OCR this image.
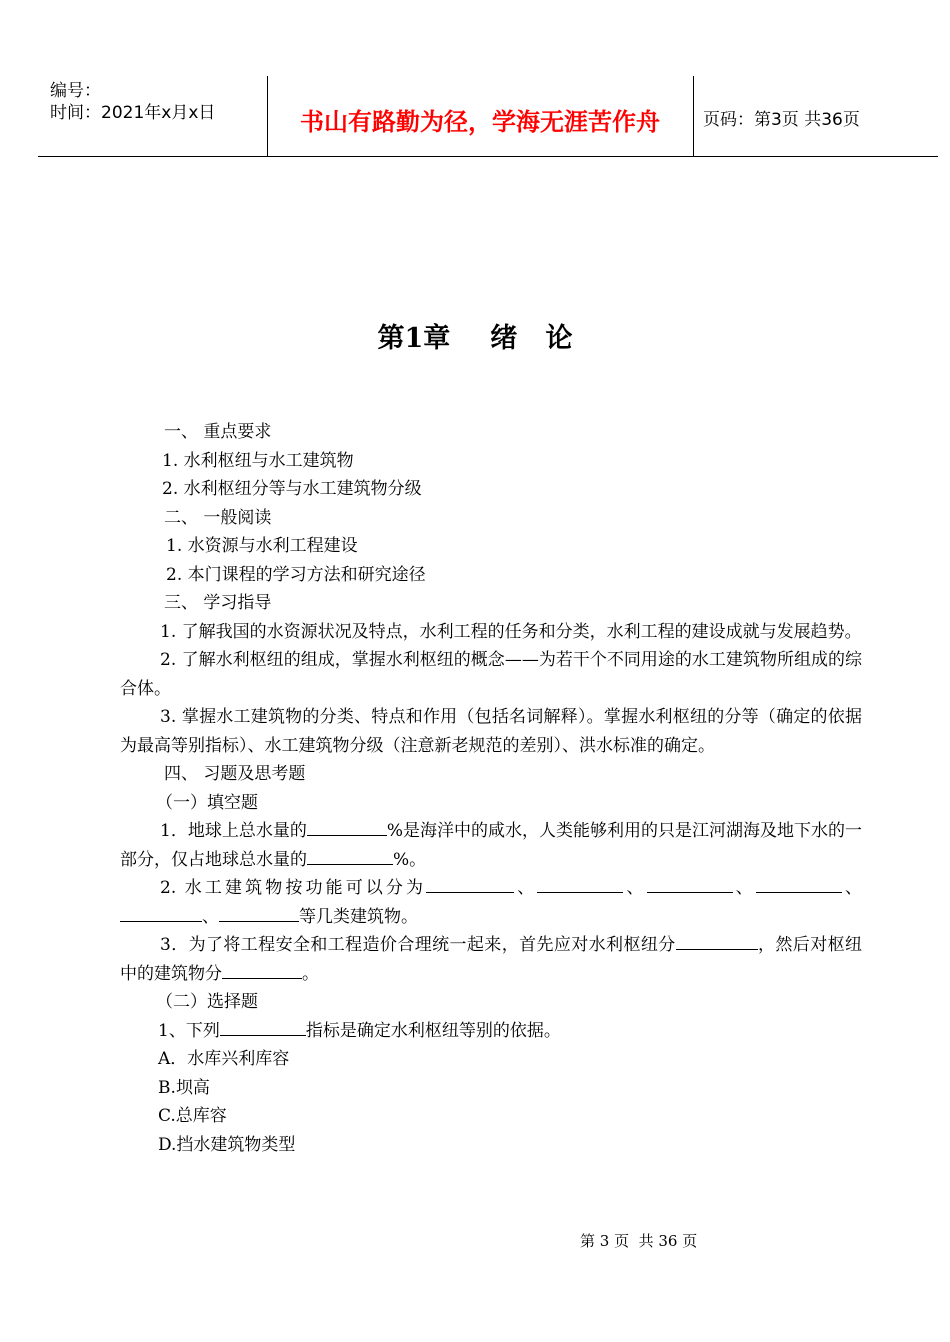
编号：
时间：2021年x月x日	书山有路勤为径，学海无涯苦作舟	页码：第3页 共36页
第1章 绪   论
一、 重点要求
1. 水利枢纽与水工建筑物
2. 水利枢纽分等与水工建筑物分级
二、 一般阅读
1. 水资源与水利工程建设
2. 本门课程的学习方法和研究途径
三、 学习指导
1. 了解我国的水资源状况及特点，水利工程的任务和分类，水利工程的建设成就与发展趋势。
2. 了解水利枢纽的组成，掌握水利枢纽的概念——为若干个不同用途的水工建筑物所组成的综合体。
3. 掌握水工建筑物的分类、特点和作用（包括名词解释）。掌握水利枢纽的分等（确定的依据为最高等别指标）、水工建筑物分级（注意新老规范的差别）、洪水标准的确定。
四、 习题及思考题
（一）填空题
1．地球上总水量的	%是海洋中的咸水，人类能够利用的只是江河湖海及地下水的一部分，仅占地球总水量的	%。
2. 水工建筑物按功能可以分为	、	、	、	、、	等几类建筑物。
3．为了将工程安全和工程造价合理统一起来，首先应对水利枢纽分	，然后对枢纽中的建筑物分	。
（二）选择题
1、下列	指标是确定水利枢纽等别的依据。
A．水库兴利库容
B.坝高
C.总库容
D.挡水建筑物类型
第 3 页  共 36 页
